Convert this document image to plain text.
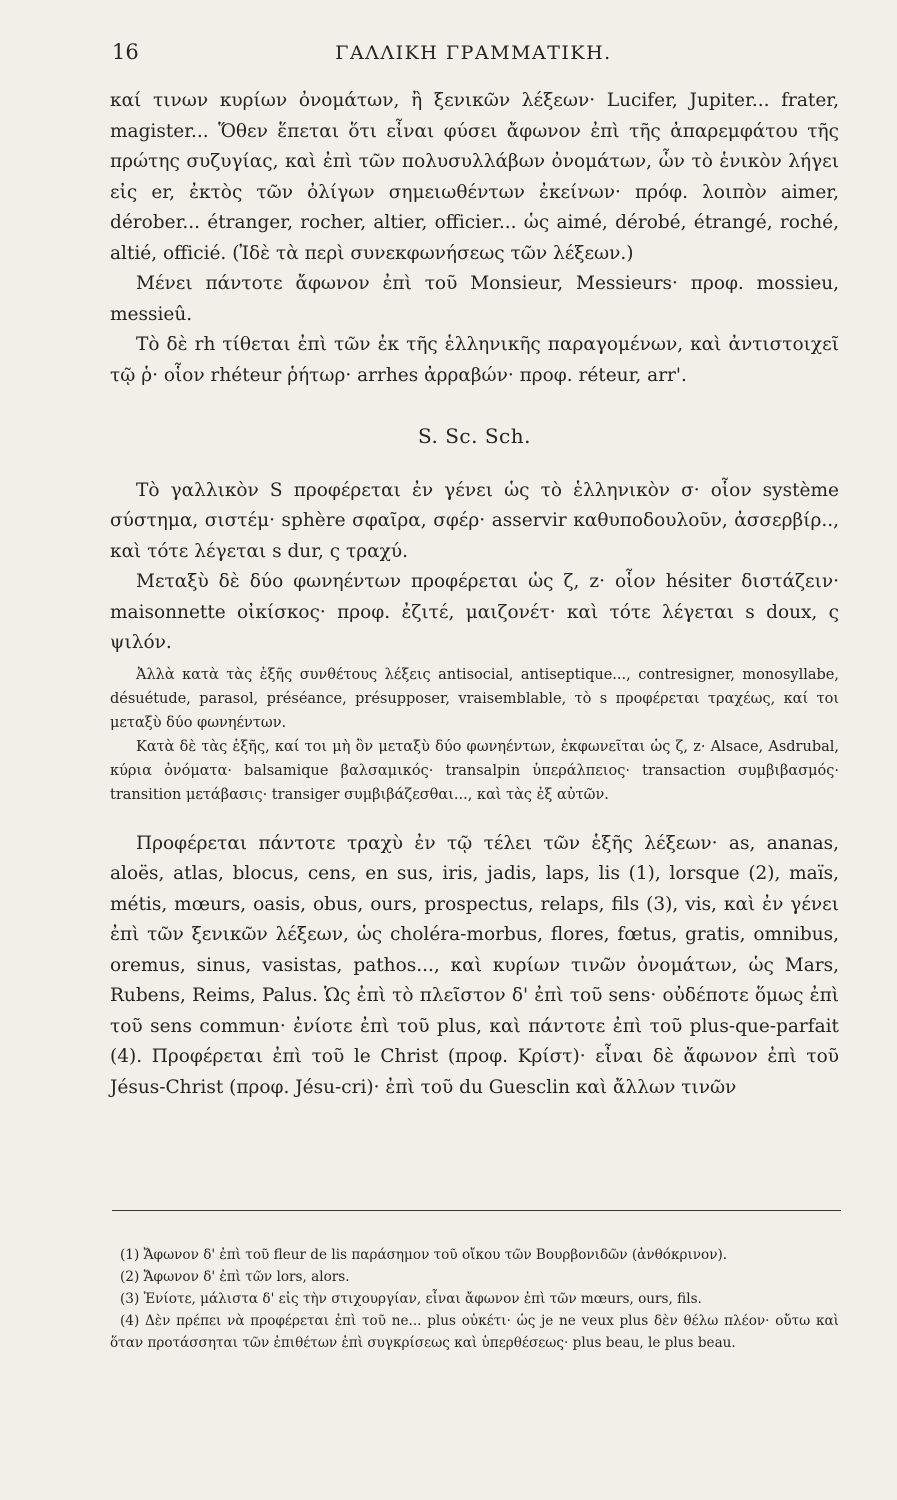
16	ΓΑΛΛΙΚΗ ΓΡΑΜΜΑΤΙΚΗ.

καί τινων κυρίων ὀνομάτων, ἢ ξενικῶν λέξεων· Lucifer, Jupiter... frater, magister... Ὅθεν ἕπεται ὅτι εἶναι φύσει ἄφωνον ἐπὶ τῆς ἀπαρεμφάτου τῆς πρώτης συζυγίας, καὶ ἐπὶ τῶν πολυσυλλάβων ὀνομάτων, ὧν τὸ ἑνικὸν λήγει εἰς er, ἐκτὸς τῶν ὀλίγων σημειωθέντων ἐκείνων· πρόφ. λοιπὸν aimer, dérober... étranger, rocher, altier, officier... ὡς aimé, dérobé, étrangé, roché, altié, officié. (Ἰδὲ τὰ περὶ συνεκφωνήσεως τῶν λέξεων.)

Μένει πάντοτε ἄφωνον ἐπὶ τοῦ Monsieur, Messieurs· προφ. mossieu, messieû.

Τὸ δὲ rh τίθεται ἐπὶ τῶν ἐκ τῆς ἑλληνικῆς παραγομένων, καὶ ἀντιστοιχεῖ τῷ ῥ· οἷον rhéteur ῥήτωρ· arrhes ἀρραβών· προφ. réteur, arr'.

S. Sc. Sch.

Τὸ γαλλικὸν S προφέρεται ἐν γένει ὡς τὸ ἑλληνικὸν σ· οἷον système σύστημα, σιστέμ· sphère σφαῖρα, σφέρ· asservir καθυποδουλοῦν, ἀσσερβίρ.., καὶ τότε λέγεται s dur, ς τραχύ.

Μεταξὺ δὲ δύο φωνηέντων προφέρεται ὡς ζ, z· οἷον hésiter διστάζειν· maisonnette οἰκίσκος· προφ. ἐζιτέ, μαιζονέτ· καὶ τότε λέγεται s doux, ς ψιλόν.

Ἀλλὰ κατὰ τὰς ἑξῆς συνθέτους λέξεις antisocial, antiseptique..., contresigner, monosyllabe, désuétude, parasol, préséance, présupposer, vraisemblable, τὸ s προφέρεται τραχέως, καί τοι μεταξὺ δύο φωνηέντων.

Κατὰ δὲ τὰς ἑξῆς, καί τοι μὴ ὂν μεταξὺ δύο φωνηέντων, ἐκφωνεῖται ὡς ζ, z· Alsace, Asdrubal, κύρια ὀνόματα· balsamique βαλσαμικός· transalpin ὑπεράλπειος· transaction συμβιβασμός· transition μετάβασις· transiger συμβιβάζεσθαι..., καὶ τὰς ἐξ αὐτῶν.

Προφέρεται πάντοτε τραχὺ ἐν τῷ τέλει τῶν ἑξῆς λέξεων· as, ananas, aloës, atlas, blocus, cens, en sus, iris, jadis, laps, lis (1), lorsque (2), maïs, métis, mœurs, oasis, obus, ours, prospectus, relaps, fils (3), vis, καὶ ἐν γένει ἐπὶ τῶν ξενικῶν λέξεων, ὡς choléra-morbus, flores, fœtus, gratis, omnibus, oremus, sinus, vasistas, pathos..., καὶ κυρίων τινῶν ὀνομάτων, ὡς Mars, Rubens, Reims, Palus. Ὡς ἐπὶ τὸ πλεῖστον δ' ἐπὶ τοῦ sens· οὐδέποτε ὅμως ἐπὶ τοῦ sens commun· ἐνίοτε ἐπὶ τοῦ plus, καὶ πάντοτε ἐπὶ τοῦ plus-que-parfait (4). Προφέρεται ἐπὶ τοῦ le Christ (προφ. Κρίστ)· εἶναι δὲ ἄφωνον ἐπὶ τοῦ Jésus-Christ (προφ. Jésu-cri)· ἐπὶ τοῦ du Guesclin καὶ ἄλλων τινῶν

(1) Ἄφωνον δ' ἐπὶ τοῦ fleur de lis παράσημον τοῦ οἴκου τῶν Βουρβονιδῶν (ἀνθόκρινον).

(2) Ἄφωνον δ' ἐπὶ τῶν lors, alors.

(3) Ἐνίοτε, μάλιστα δ' εἰς τὴν στιχουργίαν, εἶναι ἄφωνον ἐπὶ τῶν mœurs, ours, fils.

(4) Δὲν πρέπει νὰ προφέρεται ἐπὶ τοῦ ne... plus οὐκέτι· ὡς je ne veux plus δὲν θέλω πλέον· οὔτω καὶ ὅταν προτάσσηται τῶν ἐπιθέτων ἐπὶ συγκρίσεως καὶ ὑπερθέσεως· plus beau, le plus beau.
